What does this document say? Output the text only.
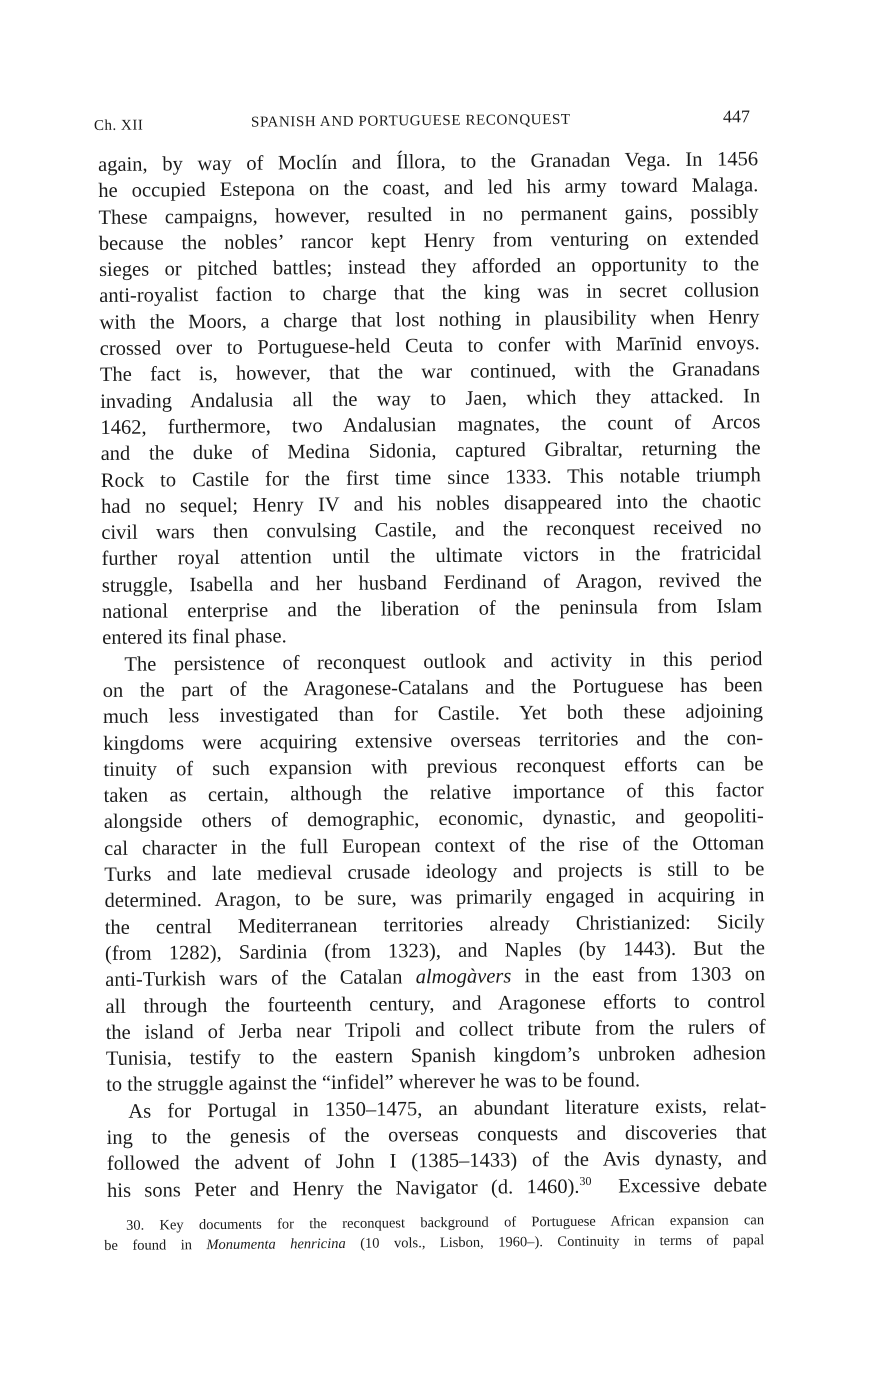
Ch. XII	SPANISH AND PORTUGUESE RECONQUEST	447
again, by way of Moclín and Íllora, to the Granadan Vega. In 1456
he occupied Estepona on the coast, and led his army toward Malaga.
These campaigns, however, resulted in no permanent gains, possibly
because the nobles’ rancor kept Henry from venturing on extended
sieges or pitched battles; instead they afforded an opportunity to the
anti-royalist faction to charge that the king was in secret collusion
with the Moors, a charge that lost nothing in plausibility when Henry
crossed over to Portuguese-held Ceuta to confer with Marīnid envoys.
The fact is, however, that the war continued, with the Granadans
invading Andalusia all the way to Jaen, which they attacked. In
1462, furthermore, two Andalusian magnates, the count of Arcos
and the duke of Medina Sidonia, captured Gibraltar, returning the
Rock to Castile for the first time since 1333. This notable triumph
had no sequel; Henry IV and his nobles disappeared into the chaotic
civil wars then convulsing Castile, and the reconquest received no
further royal attention until the ultimate victors in the fratricidal
struggle, Isabella and her husband Ferdinand of Aragon, revived the
national enterprise and the liberation of the peninsula from Islam
entered its final phase.
The persistence of reconquest outlook and activity in this period
on the part of the Aragonese-Catalans and the Portuguese has been
much less investigated than for Castile. Yet both these adjoining
kingdoms were acquiring extensive overseas territories and the con-
tinuity of such expansion with previous reconquest efforts can be
taken as certain, although the relative importance of this factor
alongside others of demographic, economic, dynastic, and geopoliti-
cal character in the full European context of the rise of the Ottoman
Turks and late medieval crusade ideology and projects is still to be
determined. Aragon, to be sure, was primarily engaged in acquiring in
the central Mediterranean territories already Christianized: Sicily
(from 1282), Sardinia (from 1323), and Naples (by 1443). But the
anti-Turkish wars of the Catalan almogàvers in the east from 1303 on
all through the fourteenth century, and Aragonese efforts to control
the island of Jerba near Tripoli and collect tribute from the rulers of
Tunisia, testify to the eastern Spanish kingdom’s unbroken adhesion
to the struggle against the “infidel” wherever he was to be found.
As for Portugal in 1350–1475, an abundant literature exists, relat-
ing to the genesis of the overseas conquests and discoveries that
followed the advent of John I (1385–1433) of the Avis dynasty, and
his sons Peter and Henry the Navigator (d. 1460).$^{30}$  Excessive debate
30. Key documents for the reconquest background of Portuguese African expansion can
be found in Monumenta henricina (10 vols., Lisbon, 1960–). Continuity in terms of papal
